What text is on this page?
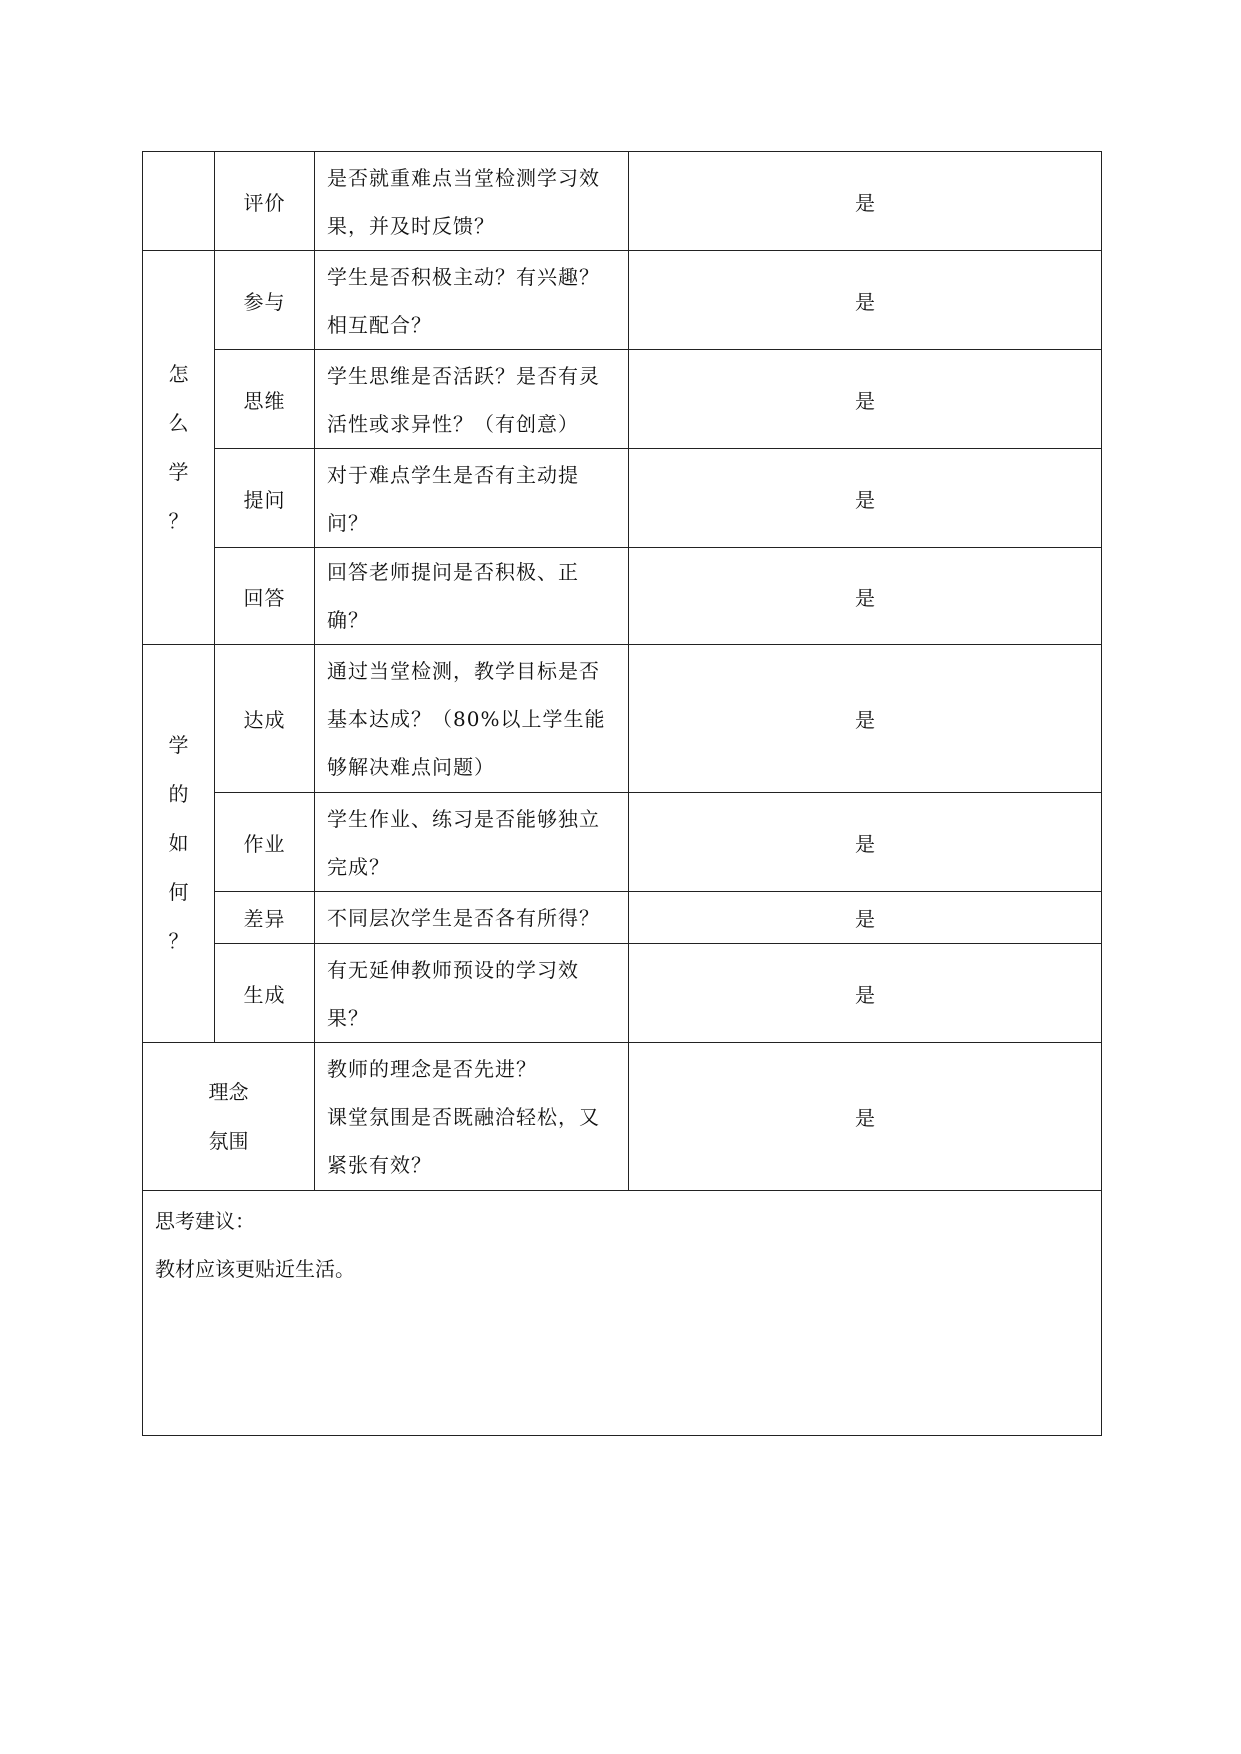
	评价	是否就重难点当堂检测学习效
果，并及时反馈？	是

怎
么
学
？	参与	学生是否积极主动？有兴趣？
相互配合？	是
	思维	学生思维是否活跃？是否有灵
活性或求异性？（有创意）	是
	提问	对于难点学生是否有主动提
问？	是
	回答	回答老师提问是否积极、正确？	是

学
的
如
何
？	达成	通过当堂检测，教学目标是否
基本达成？（80%以上学生能
够解决难点问题）	是
	作业	学生作业、练习是否能够独立
完成？	是
	差异	不同层次学生是否各有所得？	是
	生成	有无延伸教师预设的学习效
果？	是

理念
氛围		教师的理念是否先进？
课堂氛围是否既融洽轻松，又
紧张有效？	是

思考建议：
教材应该更贴近生活。			
